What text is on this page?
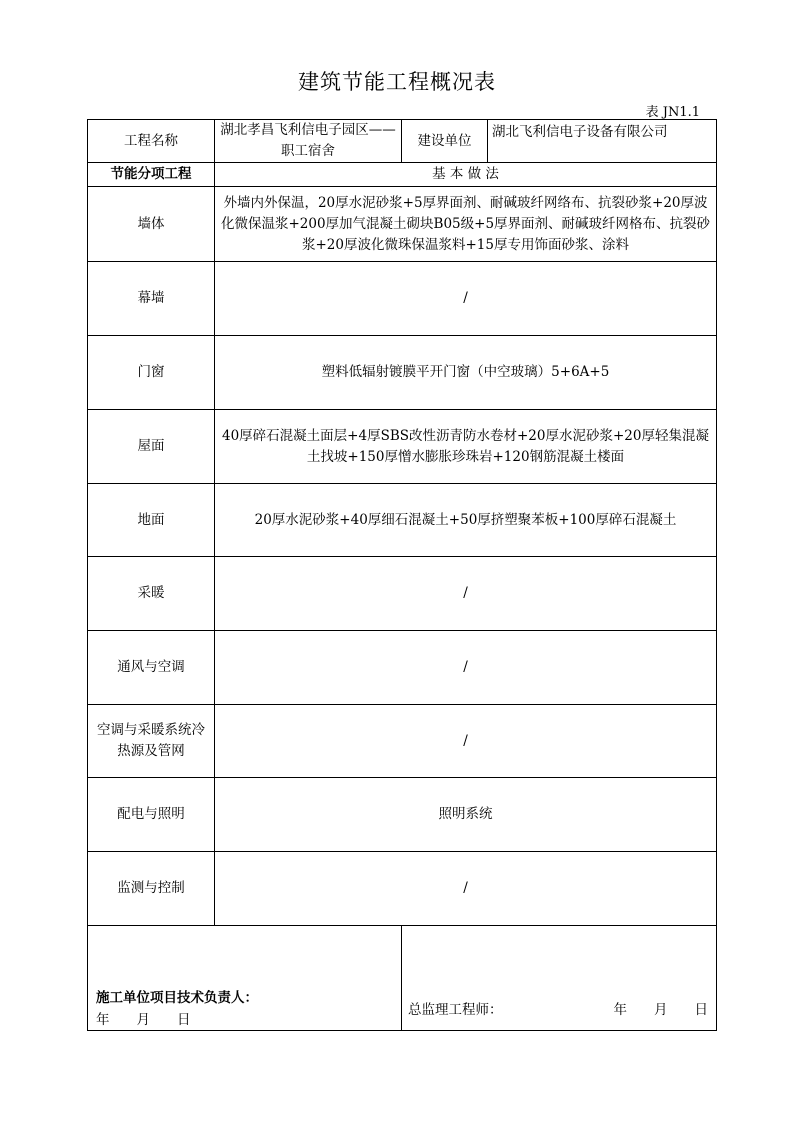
建筑节能工程概况表
表 JN1.1
工程名称	湖北孝昌飞利信电子园区——职工宿舍	建设单位	湖北飞利信电子设备有限公司
节能分项工程	基 本 做 法		
墙体	外墙内外保温，20厚水泥砂浆+5厚界面剂、耐碱玻纤网络布、抗裂砂浆+20厚波化微保温浆+200厚加气混凝土砌块B05级+5厚界面剂、耐碱玻纤网格布、抗裂砂浆+20厚波化微珠保温浆料+15厚专用饰面砂浆、涂料		
幕墙	/		
门窗	塑料低辐射镀膜平开门窗（中空玻璃）5+6A+5		
屋面	40厚碎石混凝土面层+4厚SBS改性沥青防水卷材+20厚水泥砂浆+20厚轻集混凝土找坡+150厚憎水膨胀珍珠岩+120钢筋混凝土楼面		
地面	20厚水泥砂浆+40厚细石混凝土+50厚挤塑聚苯板+100厚碎石混凝土		
采暖	/		
通风与空调	/		
空调与采暖系统冷热源及管网	/		
配电与照明	照明系统		
监测与控制	/		

施工单位项目技术负责人：
年　　月　　日		总监理工程师： 年　　月　　日	
